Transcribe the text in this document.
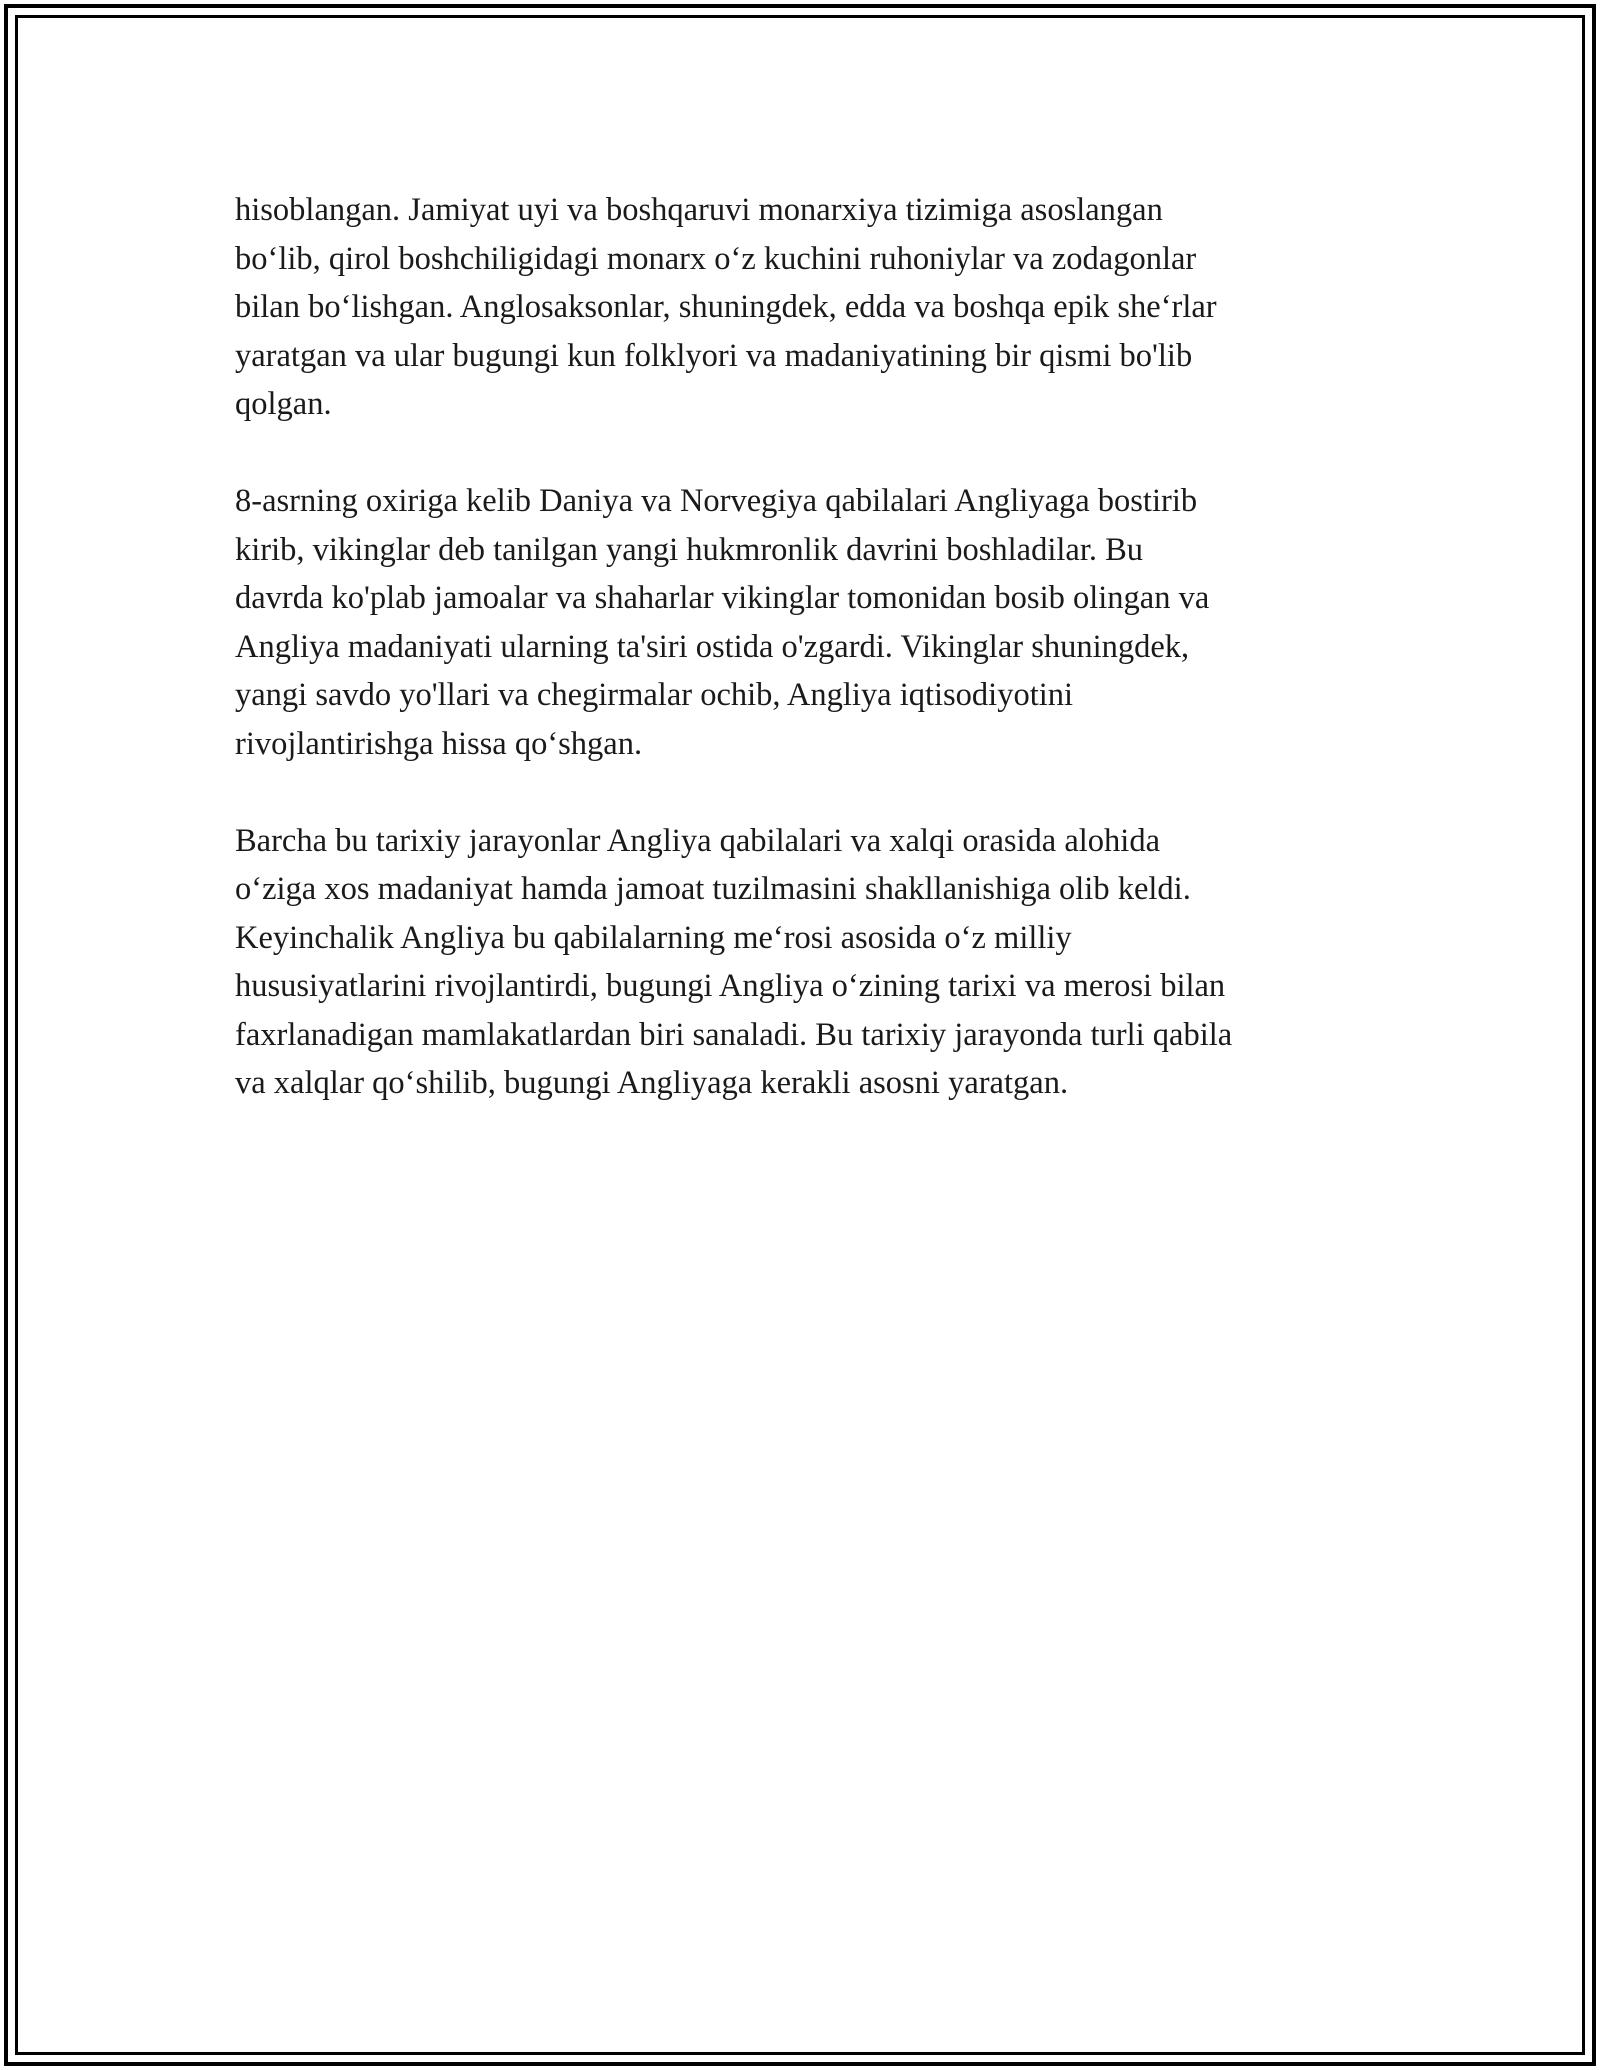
hisoblangan. Jamiyat uyi va boshqaruvi monarxiya tizimiga asoslangan
bo‘lib, qirol boshchiligidagi monarx o‘z kuchini ruhoniylar va zodagonlar
bilan bo‘lishgan. Anglosaksonlar, shuningdek, edda va boshqa epik she‘rlar
yaratgan va ular bugungi kun folklyori va madaniyatining bir qismi bo'lib
qolgan.

8-asrning oxiriga kelib Daniya va Norvegiya qabilalari Angliyaga bostirib
kirib, vikinglar deb tanilgan yangi hukmronlik davrini boshladilar. Bu
davrda ko'plab jamoalar va shaharlar vikinglar tomonidan bosib olingan va
Angliya madaniyati ularning ta'siri ostida o'zgardi. Vikinglar shuningdek,
yangi savdo yo'llari va chegirmalar ochib, Angliya iqtisodiyotini
rivojlantirishga hissa qo‘shgan.

Barcha bu tarixiy jarayonlar Angliya qabilalari va xalqi orasida alohida
o‘ziga xos madaniyat hamda jamoat tuzilmasini shakllanishiga olib keldi.
Keyinchalik Angliya bu qabilalarning me‘rosi asosida o‘z milliy
hususiyatlarini rivojlantirdi, bugungi Angliya o‘zining tarixi va merosi bilan
faxrlanadigan mamlakatlardan biri sanaladi. Bu tarixiy jarayonda turli qabila
va xalqlar qo‘shilib, bugungi Angliyaga kerakli asosni yaratgan.
